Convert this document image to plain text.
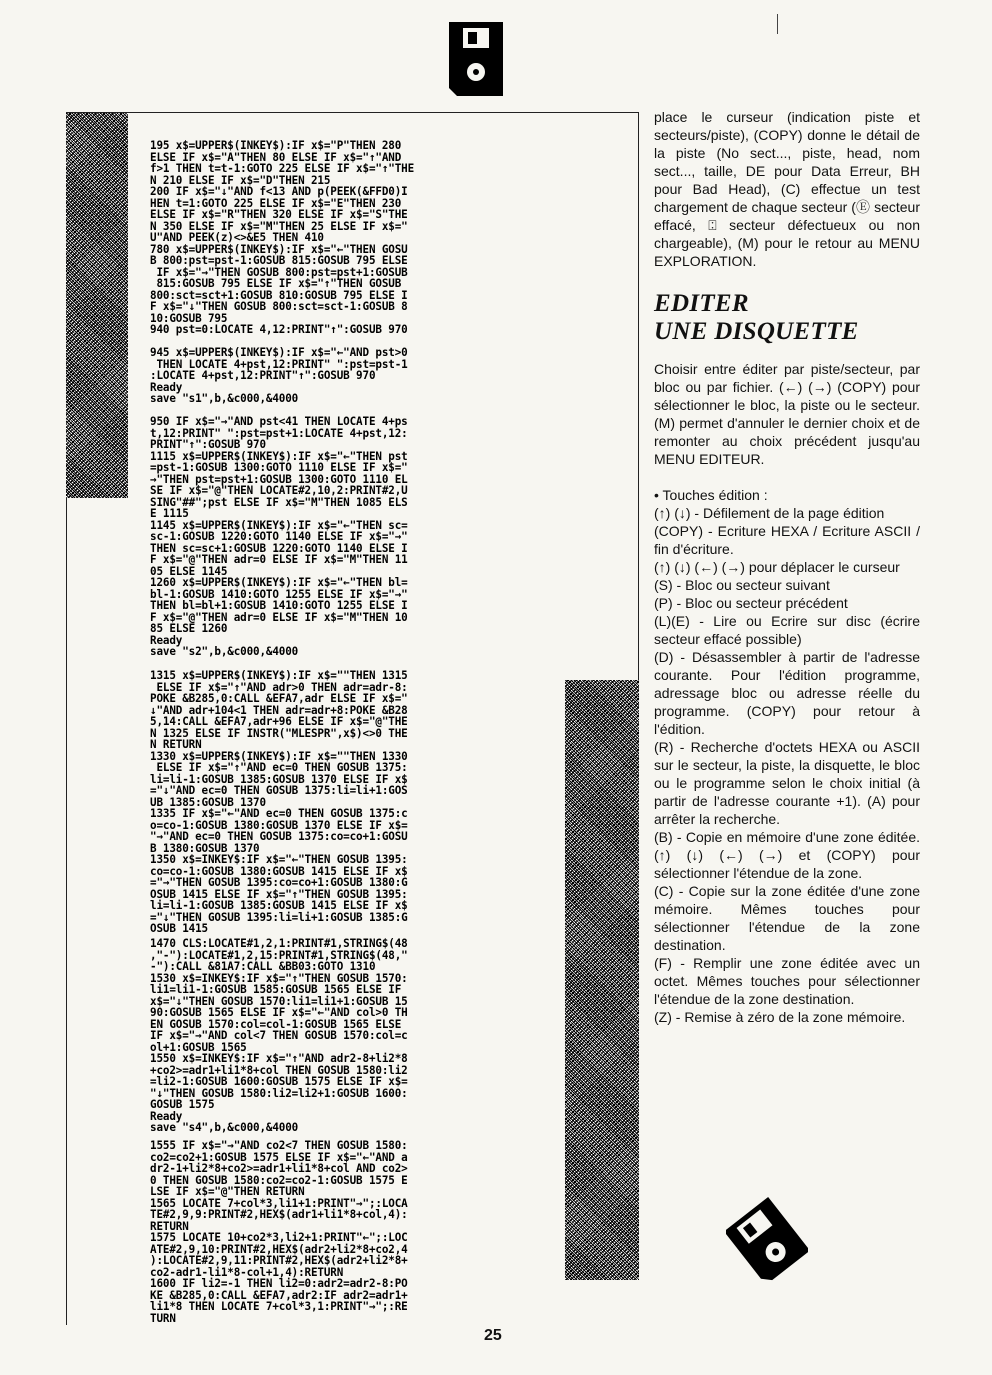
195 x$=UPPER$(INKEY$):IF x$="P"THEN 280
ELSE IF x$="A"THEN 80 ELSE IF x$="↑"AND
f>1 THEN t=t-1:GOTO 225 ELSE IF x$="↑"THE
N 210 ELSE IF x$="D"THEN 215
200 IF x$="↓"AND f<13 AND p(PEEK(&FFD0)I
HEN t=1:GOTO 225 ELSE IF x$="E"THEN 230
ELSE IF x$="R"THEN 320 ELSE IF x$="S"THE
N 350 ELSE IF x$="M"THEN 25 ELSE IF x$="
U"AND PEEK(z)<>&E5 THEN 410
780 x$=UPPER$(INKEY$):IF x$="←"THEN GOSU
B 800:pst=pst-1:GOSUB 815:GOSUB 795 ELSE
IF x$="→"THEN GOSUB 800:pst=pst+1:GOSUB
815:GOSUB 795 ELSE IF x$="↑"THEN GOSUB
800:sct=sct+1:GOSUB 810:GOSUB 795 ELSE I
F x$="↓"THEN GOSUB 800:sct=sct-1:GOSUB 8
10:GOSUB 795
940 pst=0:LOCATE 4,12:PRINT"↑":GOSUB 970

945 x$=UPPER$(INKEY$):IF x$="←"AND pst>0
THEN LOCATE 4+pst,12:PRINT" ":pst=pst-1
:LOCATE 4+pst,12:PRINT"↑":GOSUB 970
Ready
save "s1",b,&c000,&4000
950 IF x$="→"AND pst<41 THEN LOCATE 4+ps
t,12:PRINT" ":pst=pst+1:LOCATE 4+pst,12:
PRINT"↑":GOSUB 970
1115 x$=UPPER$(INKEY$):IF x$="←"THEN pst
=pst-1:GOSUB 1300:GOTO 1110 ELSE IF x$="
→"THEN pst=pst+1:GOSUB 1300:GOTO 1110 EL
SE IF x$="@"THEN LOCATE#2,10,2:PRINT#2,U
SING"##";pst ELSE IF x$="M"THEN 1085 ELS
E 1115
1145 x$=UPPER$(INKEY$):IF x$="←"THEN sc=
sc-1:GOSUB 1220:GOTO 1140 ELSE IF x$="→"
THEN sc=sc+1:GOSUB 1220:GOTO 1140 ELSE I
F x$="@"THEN adr=0 ELSE IF x$="M"THEN 11
05 ELSE 1145
1260 x$=UPPER$(INKEY$):IF x$="←"THEN bl=
bl-1:GOSUB 1410:GOTO 1255 ELSE IF x$="→"
THEN bl=bl+1:GOSUB 1410:GOTO 1255 ELSE I
F x$="@"THEN adr=0 ELSE IF x$="M"THEN 10
85 ELSE 1260
Ready
save "s2",b,&c000,&4000
1315 x$=UPPER$(INKEY$):IF x$=""THEN 1315
ELSE IF x$="↑"AND adr>0 THEN adr=adr-8:
POKE &B285,0:CALL &EFA7,adr ELSE IF x$="
↓"AND adr+104<1 THEN adr=adr+8:POKE &B28
5,14:CALL &EFA7,adr+96 ELSE IF x$="@"THE
N 1325 ELSE IF INSTR("MLESPR",x$)<>0 THE
N RETURN
1330 x$=UPPER$(INKEY$):IF x$=""THEN 1330
ELSE IF x$="↑"AND ec=0 THEN GOSUB 1375:
li=li-1:GOSUB 1385:GOSUB 1370 ELSE IF x$
="↓"AND ec=0 THEN GOSUB 1375:li=li+1:GOS
UB 1385:GOSUB 1370
1335 IF x$="←"AND ec=0 THEN GOSUB 1375:c
o=co-1:GOSUB 1380:GOSUB 1370 ELSE IF x$=
"→"AND ec=0 THEN GOSUB 1375:co=co+1:GOSU
B 1380:GOSUB 1370
1350 x$=INKEY$:IF x$="←"THEN GOSUB 1395:
co=co-1:GOSUB 1380:GOSUB 1415 ELSE IF x$
="→"THEN GOSUB 1395:co=co+1:GOSUB 1380:G
OSUB 1415 ELSE IF x$="↑"THEN GOSUB 1395:
li=li-1:GOSUB 1385:GOSUB 1415 ELSE IF x$
="↓"THEN GOSUB 1395:li=li+1:GOSUB 1385:G
OSUB 1415
1470 CLS:LOCATE#1,2,1:PRINT#1,STRING$(48
,"-"):LOCATE#1,2,15:PRINT#1,STRING$(48,"
-"):CALL &81A7:CALL &BB03:GOTO 1310
1530 x$=INKEY$:IF x$="↑"THEN GOSUB 1570:
li1=li1-1:GOSUB 1585:GOSUB 1565 ELSE IF
x$="↓"THEN GOSUB 1570:li1=li1+1:GOSUB 15
90:GOSUB 1565 ELSE IF x$="←"AND col>0 TH
EN GOSUB 1570:col=col-1:GOSUB 1565 ELSE
IF x$="→"AND col<7 THEN GOSUB 1570:col=c
ol+1:GOSUB 1565
1550 x$=INKEY$:IF x$="↑"AND adr2-8+li2*8
+co2>=adr1+li1*8+col THEN GOSUB 1580:li2
=li2-1:GOSUB 1600:GOSUB 1575 ELSE IF x$=
"↓"THEN GOSUB 1580:li2=li2+1:GOSUB 1600:
GOSUB 1575
Ready
save "s4",b,&c000,&4000
1555 IF x$="→"AND co2<7 THEN GOSUB 1580:
co2=co2+1:GOSUB 1575 ELSE IF x$="←"AND a
dr2-1+li2*8+co2>=adr1+li1*8+col AND co2>
0 THEN GOSUB 1580:co2=co2-1:GOSUB 1575 E
LSE IF x$="@"THEN RETURN
1565 LOCATE 7+col*3,li1+1:PRINT"→";:LOCA
TE#2,9,9:PRINT#2,HEX$(adr1+li1*8+col,4):
RETURN
1575 LOCATE 10+co2*3,li2+1:PRINT"←";:LOC
ATE#2,9,10:PRINT#2,HEX$(adr2+li2*8+co2,4
):LOCATE#2,9,11:PRINT#2,HEX$(adr2+li2*8+
co2-adr1-li1*8-col+1,4):RETURN
1600 IF li2=-1 THEN li2=0:adr2=adr2-8:PO
KE &B285,0:CALL &EFA7,adr2:IF adr2=adr1+
li1*8 THEN LOCATE 7+col*3,1:PRINT"→";:RE
TURN

place le curseur (indication piste et secteurs/piste), (COPY) donne le détail de la piste (No sect..., piste, head, nom sect..., taille, DE pour Data Erreur, BH pour Bad Head), (C) effectue un test chargement de chaque secteur (Ⓔ secteur effacé, ⍠ secteur défectueux ou non chargeable), (M) pour le retour au MENU EXPLORATION.

EDITER
UNE DISQUETTE

Choisir entre éditer par piste/secteur, par bloc ou par fichier. (←) (→) (COPY) pour sélectionner le bloc, la piste ou le secteur. (M) permet d'annuler le dernier choix et de remonter au choix précédent jusqu'au MENU EDITEUR.

• Touches édition :

(↑) (↓) - Défilement de la page édition

(COPY) - Ecriture HEXA / Ecriture ASCII / fin d'écriture.

(↑) (↓) (←) (→) pour déplacer le curseur

(S) - Bloc ou secteur suivant

(P) - Bloc ou secteur précédent

(L)(E) - Lire ou Ecrire sur disc (écrire secteur effacé possible)

(D) - Désassembler à partir de l'adresse courante. Pour l'édition programme, adressage bloc ou adresse réelle du programme. (COPY) pour retour à l'édition.

(R) - Recherche d'octets HEXA ou ASCII sur le secteur, la piste, la disquette, le bloc ou le programme selon le choix initial (à partir de l'adresse courante +1). (A) pour arrêter la recherche.

(B) - Copie en mémoire d'une zone éditée. (↑) (↓) (←) (→) et (COPY) pour sélectionner l'étendue de la zone.

(C) - Copie sur la zone éditée d'une zone mémoire. Mêmes touches pour sélectionner l'étendue de la zone destination.

(F) - Remplir une zone éditée avec un octet. Mêmes touches pour sélectionner l'étendue de la zone destination.

(Z) - Remise à zéro de la zone mémoire.

25
